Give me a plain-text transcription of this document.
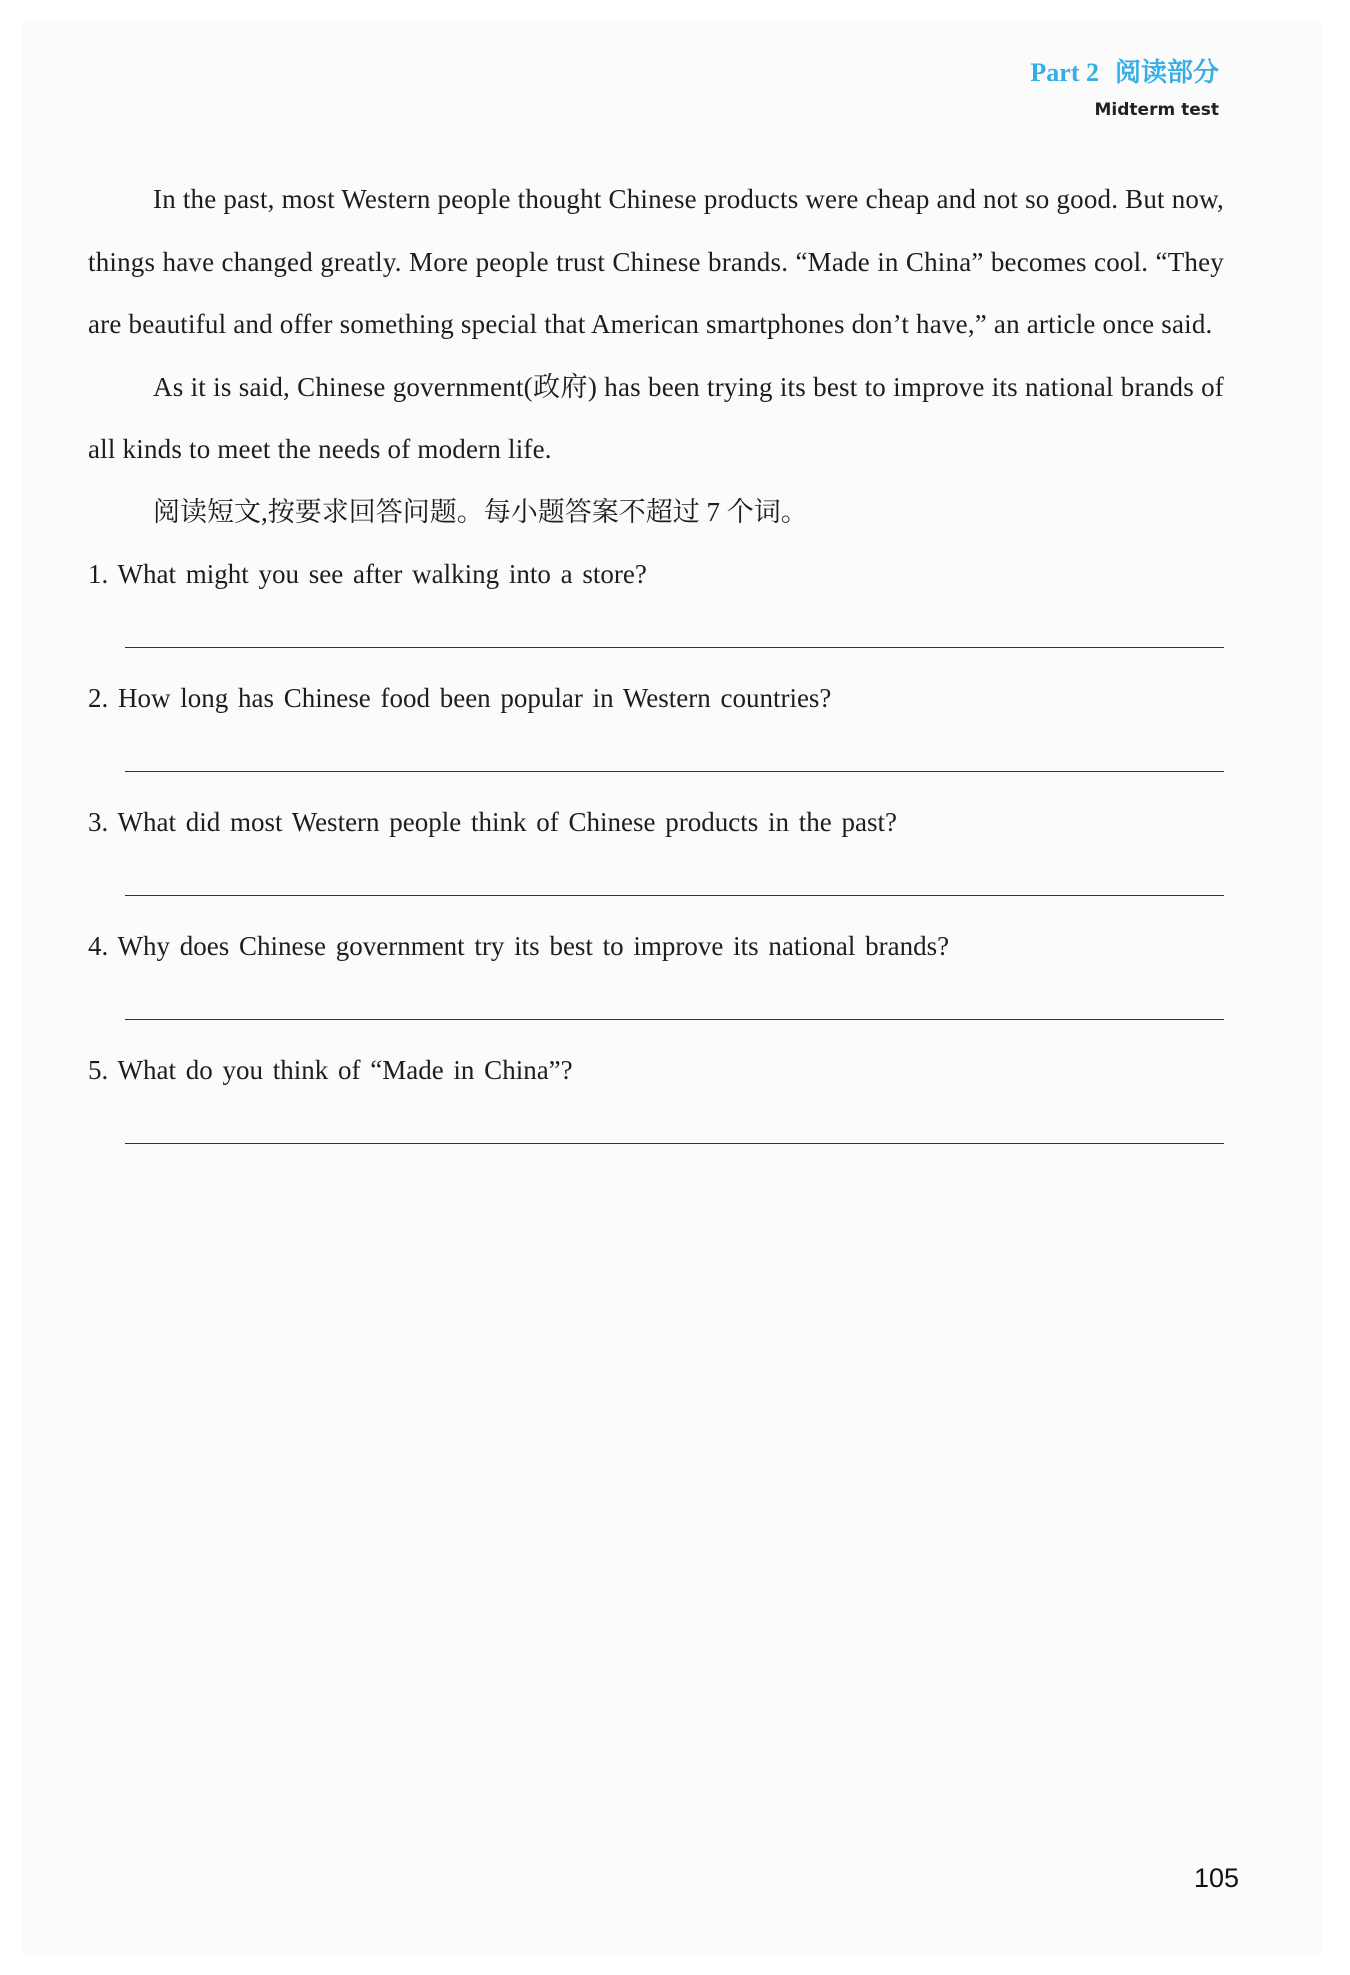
Part 2 阅读部分
Midterm test

In the past, most Western people thought Chinese products were cheap and not so good. But now, things have changed greatly. More people trust Chinese brands. “Made in China” becomes cool. “They are beautiful and offer something special that American smartphones don’t have,” an article once said.

As it is said, Chinese government(政府) has been trying its best to improve its national brands of all kinds to meet the needs of modern life.

阅读短文,按要求回答问题。每小题答案不超过 7 个词。

1. What might you see after walking into a store?

2. How long has Chinese food been popular in Western countries?

3. What did most Western people think of Chinese products in the past?

4. Why does Chinese government try its best to improve its national brands?

5. What do you think of “Made in China”?

105
